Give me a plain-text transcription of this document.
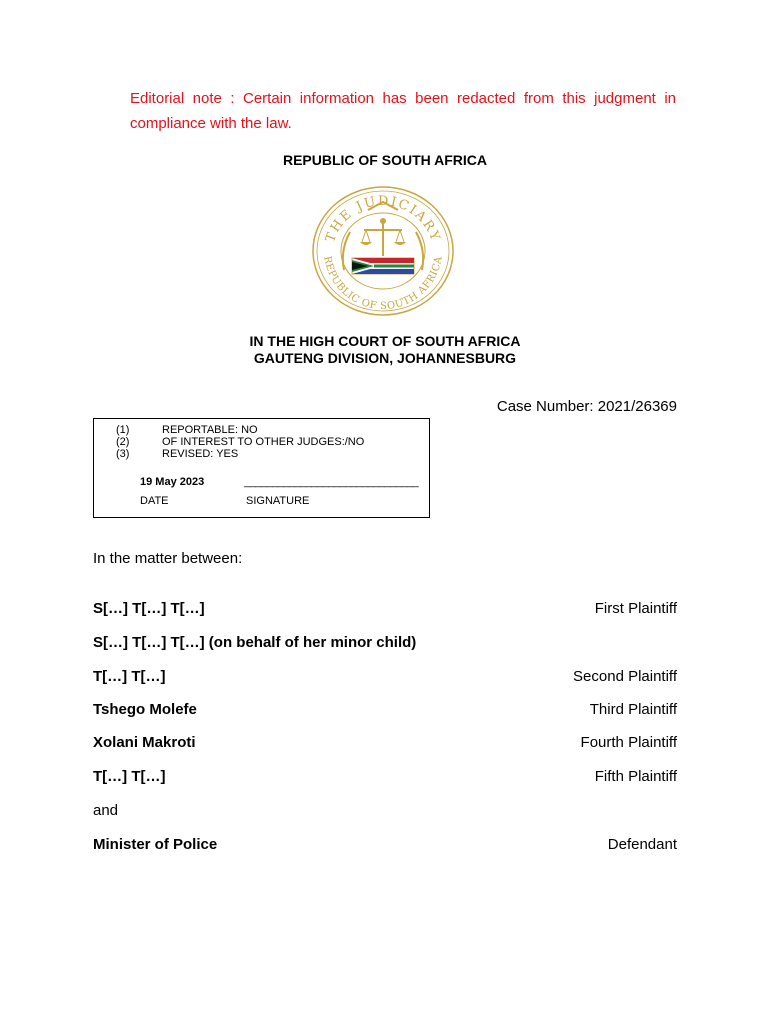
Editorial note : Certain information has been redacted from this judgment in compliance with the law.
REPUBLIC OF SOUTH AFRICA
THE JUDICIARY
REPUBLIC OF SOUTH AFRICA
IN THE HIGH COURT OF SOUTH AFRICA
GAUTENG DIVISION, JOHANNESBURG
Case Number: 2021/26369
(1)	REPORTABLE: NO
(2)	OF INTEREST TO OTHER JUDGES:/NO
(3)	REVISED: YES
19 May 2023	_______________________________
DATE	SIGNATURE
In the matter between:
S[…] T[…] T[…]	First Plaintiff
S[…] T[…] T[…] (on behalf of her minor child)
T[…] T[…]	Second Plaintiff
Tshego Molefe	Third Plaintiff
Xolani Makroti	Fourth Plaintiff
T[…] T[…]	Fifth Plaintiff
and
Minister of Police	Defendant
